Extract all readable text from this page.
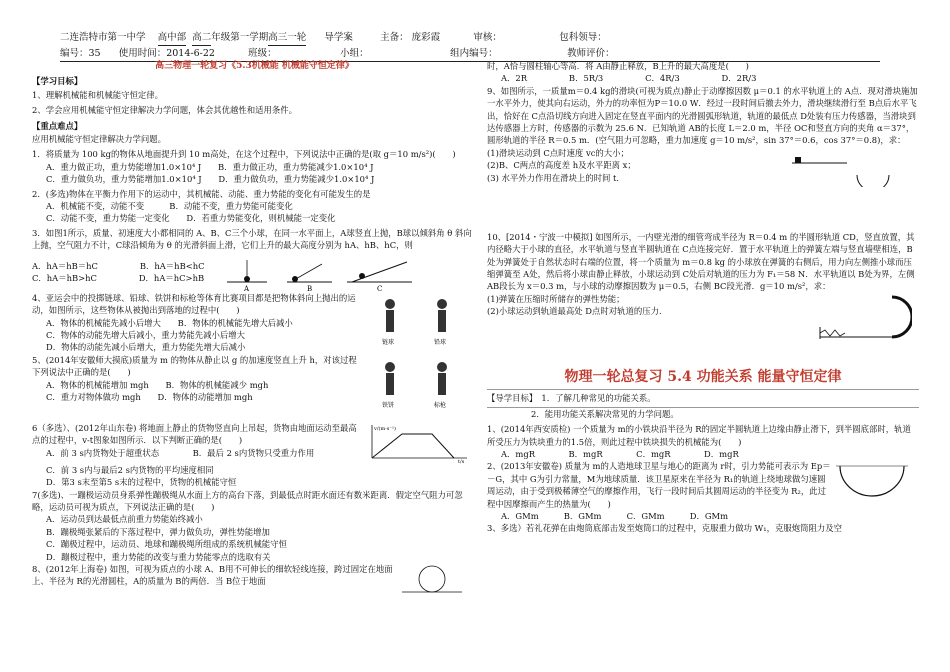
二连浩特市第一中学 高中部 高二年级第一学期高三一轮 导学案	主备： 庞彩霞	审核：	包科领导：
编号：35 使用时间：2014-6-22	班级：	小组：	组内编号：	教师评价：

高三物理一轮复习《5.3机械能 机械能守恒定律》

【学习目标】

1、理解机械能和机械能守恒定律。

2、学会应用机械能守恒定律解决力学问题，体会其优越性和适用条件。

【重点难点】

应用机械能守恒定律解决力学问题。

1．将质量为 100 kg的物体从地面提升到 10 m高处，在这个过程中，下列说法中正确的是(取 g＝10 m/s²)(　　)

A．重力做正功，重力势能增加1.0×10⁴ J　　B．重力做正功，重力势能减少1.0×10⁴ J

C．重力做负功，重力势能增加1.0×10⁴ J　　D．重力做负功，重力势能减少1.0×10⁴ J

2．(多选)物体在平衡力作用下的运动中，其机械能、动能、重力势能的变化有可能发生的是

A．机械能不变，动能不变　　　B．动能不变，重力势能可能变化

C．动能不变，重力势能一定变化　　D．若重力势能变化，则机械能一定变化

3．如图1所示，质量、初速度大小都相同的 A、B、C三个小球，在同一水平面上，A球竖直上抛，B球以倾斜角 θ 斜向上抛，空气阻力不计，C球沿倾角为 θ 的光滑斜面上滑，它们上升的最大高度分别为 hA、hB、hC，则

A．hA＝hB＝hC　　　　　B．hA＝hB<hC

C．hA＝hB>hC　　　　　D．hA＝hC>hB

A	B	C

4、亚运会中的投掷链球、铅球、铁饼和标枪等体育比赛项目都是把物体斜向上抛出的运动，如图所示，这些物体从被抛出到落地的过程中(　　)

A．物体的机械能先减小后增大　　B．物体的机械能先增大后减小

C．物体的动能先增大后减小，重力势能先减小后增大

D．物体的动能先减小后增大，重力势能先增大后减小

5、(2014年安徽师大摸底)质量为 m 的物体从静止以 g 的加速度竖直上升 h，对该过程下列说法中正确的是(　　)

A．物体的机械能增加 mgh　　B．物体的机械能减少 mgh

C．重力对物体做功 mgh　　D．物体的动能增加 mgh

链球	铅球
铁饼	标枪

6（多选）、(2012年山东卷) 将地面上静止的货物竖直向上吊起，货物由地面运动至最高点的过程中，v-t图象如图所示．以下判断正确的是(　　)

A．前 3 s内货物处于超重状态　　　　B．最后 2 s内货物只受重力作用

v/(m·s⁻¹)
t/s

C．前 3 s内与最后2 s内货物的平均速度相同

D．第3 s末至第5 s末的过程中，货物的机械能守恒

7(多选)、一蹦极运动员身系弹性蹦极绳从水面上方的高台下落，到最低点时距水面还有数米距离．假定空气阻力可忽略，运动员可视为质点，下列说法正确的是(　　)

A．运动员到达最低点前重力势能始终减小

B．蹦极绳张紧后的下落过程中，弹力做负功，弹性势能增加

C．蹦极过程中，运动员、地球和蹦极绳所组成的系统机械能守恒

D．蹦极过程中，重力势能的改变与重力势能零点的选取有关

8、(2012年上海卷) 如图，可视为质点的小球 A、B用不可伸长的细软轻线连接，跨过固定在地面上、半径为 R的光滑圆柱，A的质量为 B的两倍．当 B位于地面

时，A恰与圆柱轴心等高．将 A由静止释放，B上升的最大高度是(　　)

A．2R　　　　　B．5R/3　　　　　C．4R/3　　　　　D．2R/3

9、如图所示，一质量m＝0.4 kg的滑块(可视为质点)静止于动摩擦因数 μ＝0.1 的水平轨道上的 A点．现对滑块施加一水平外力，使其向右运动，外力的功率恒为P＝10.0 W．经过一段时间后撤去外力，滑块继续滑行至 B点后水平飞出，恰好在 C点沿切线方向进入固定在竖直平面内的光滑圆弧形轨道，轨道的最低点 D处装有压力传感器，当滑块到达传感器上方时，传感器的示数为 25.6 N．已知轨道 AB的长度 L＝2.0 m，半径 OC和竖直方向的夹角 α＝37°，圆形轨道的半径 R＝0.5 m．(空气阻力可忽略，重力加速度 g＝10 m/s²，sin 37°＝0.6，cos 37°＝0.8)，求：

(1)滑块运动到 C点时速度 vc的大小；

(2)B、C两点的高度差 h及水平距离 x；

(3) 水平外力作用在滑块上的时间 t．

10、[2014・宁波一中模拟] 如图所示，一内壁光滑的细管弯成半径为 R＝0.4 m 的半圆形轨道 CD，竖直放置，其内径略大于小球的直径，水平轨道与竖直半圆轨道在 C点连接完好．置于水平轨道上的弹簧左端与竖直墙壁相连，B处为弹簧处于自然状态时右端的位置，将一个质量为 m＝0.8 kg 的小球放在弹簧的右侧后，用力向左侧推小球而压缩弹簧至 A处，然后将小球由静止释放，小球运动到 C处后对轨道的压力为 F₁＝58 N．水平轨道以 B处为界，左侧 AB段长为 x＝0.3 m，与小球的动摩擦因数为 μ＝0.5，右侧 BC段光滑．g＝10 m/s²，求：

(1)弹簧在压缩时所储存的弹性势能；

(2)小球运动到轨道最高处 D点时对轨道的压力.

物理一轮总复习 5.4 功能关系 能量守恒定律

【导学目标】　1．了解几种常见的功能关系。

2．能用功能关系解决常见的力学问题。

1、(2014年西安质检) 一个质量为 m的小铁块沿半径为 R的固定半圆轨道上边缘由静止滑下，到半圆底部时，轨道所受压力为铁块重力的1.5倍，则此过程中铁块损失的机械能为(　　)

A．mgR　　　　B．mgR　　　　C．mgR　　　　D．mgR

2、(2013年安徽卷) 质量为 m的人造地球卫星与地心的距离为 r时，引力势能可表示为 Ep＝－G，其中 G为引力常量，M为地球质量．该卫星原来在半径为 R₁的轨道上绕地球做匀速圆周运动，由于受到极稀薄空气的摩擦作用，飞行一段时间后其圆周运动的半径变为 R₂，此过程中因摩擦而产生的热量为(　　)

A．GMm　　　B．GMm　　　C．GMm　　　D．GMm

3、多选）若礼花弹在由炮筒底部击发至炮筒口的过程中，克服重力做功 W₁，克服炮筒阻力及空
